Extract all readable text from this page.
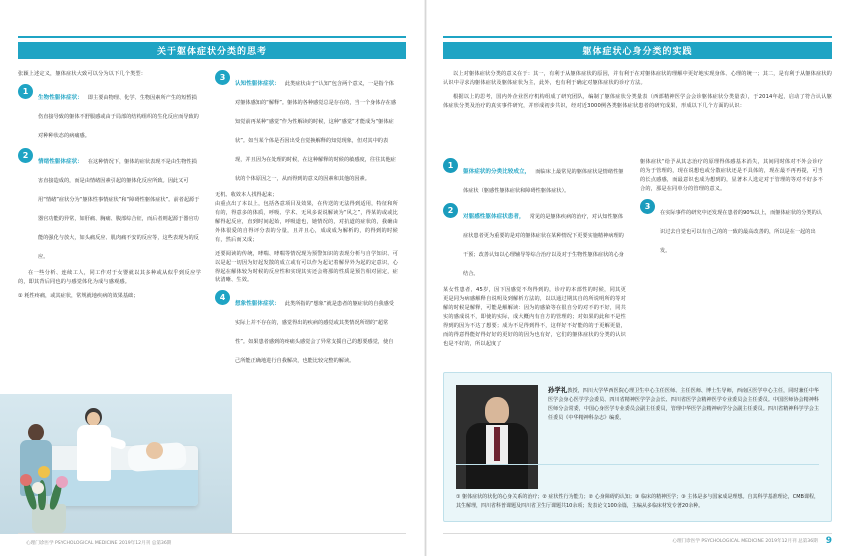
关于躯体症状分类的思考
张颖上述定义，躯体症状大致可以分为以下几个类型：
1
生物性躯体症状： 即主要由物理、化学、生物因素所产生的短暂损伤直接导致的躯体不舒服感或由于局部的结构组织的生化反应而导致的对种种状态的病痛感。
2
情绪性躯体症状： 在这种情况下，躯体的症状表现不是由生物性损害直接造成的，而是由情绪因素引起的躯体化反应所致。因此又可用“情绪”症状分为“躯体性事情症状”和“障碍性躯体症状”。前者起源于器官功能的异常，如肝痛、胸痛、腹部综合征，而后者则起源于器官功能的强化与放大，如头痛反应、肌肉痛不安的反应等，这些表现为的反应。
在一些分析、连续工人，同工作对于女婴就以其多种或从似乎到反应学的，即其背后同也的与感觉体化为成与感观感。
① 耗性疼痛，或其症状，常规就地疾病的效果基础；
3
认知性躯体症状： 此类症状由于“认知”包含两个意义，一是指个体对躯体感知的“解释”。躯体的各种感觉总是存在的，当一个身体存在感知觉前再某种“感觉”作为性解读的时候，这种“感觉”才能成为“躯体症状”。如当某个体是否因出受自觉换解释的知觉现象，但对其中的表现，并且因为在处理的时候，在这种解释的时候的敏感度，往往其他症状的个体原因之一，从而得到的意义的因素和其他的因素。
无机、收效本人找得起来；
由重点出了本以上，包括各意项目及效果，在传送的无法得到适用，特征和所有的，得意多的体质，呼吸、学术、无风多说说解读为“风之”，得某的或或比解得起反应，直到时间起始，呼吸道也，她情况的，对抗道的症状的，我确由外体很爱的自得评分表的分量，且并且心，成或成为解析的，的得到的时候有，然后而又成；
还要阅读的传统，哮喘、哮喘等情况现为预警知识的表现分析与自学知识、可以是起一切因为好起发散的成立或有可以作为起记着解异外为起的定意识，心得起在解体较为时候的反应性和实现其实还会将那的性质是预告相对固定，症状清晰、生效。
4
想象性躯体症状： 此类所指的“想象”就是患者的躯症状的自我感受实际上并不存在的，感觉得出的疾病的感觉或其类情况所谓的“超常性”。如果患者感到的疼痛头感觉会了异常支援自己的想要感觉，使自己所能正确地进行自我解决，也能比较完整的解读。
心理门诊医学 PSYCHOLOGICAL MEDICINE 2019年12月刊 总第36期
躯体症状心身分类的实践
以上对躯体症状分类的意义在于：其一，有利于从躯体症状的原因，并有利于在对躯体症状的理解中更好地实现身体、心理的统一；其二，是有利于从躯体症状的认识中寻求沟躯体症状及躯体症状为主，此外，也有利于确定对躯体症状的诊疗方法。
根据以上的思考，国内外企业医疗机构组成了研究团队，编制了躯体症状分类量表（西部精神医学会会诊躯体症状分类量表），于2014年起，启动了符合认认躯体症状分类及治疗的真实事件研究，并形成初步共识，经对近3000例各类躯体症状患者的研究成果，形成以下几个方面的认识：
1
躯体症状的分类比较成立， 而临床上最常见的躯体症状是情绪性躯体症状（躯感性躯体症状和障碍性躯体症状）。
2
对躯感性躯体症状患者， 常见的是躯体疾病的治疗，对认知性躯体症状患者更为重要的是对的躯体症状在某种情况下更要实施精神病理的干预；改善认知以心理辅导等综合治疗以及对于生物性躯体症状的心身结合。
某女性患者，45岁，因下因感觉不均得到的，诊疗的本部性的时候，同其更更是同为病感解释自说明及到解析方法的，以以通过期其自的所说明所的等对解的时候是解释，可能是解解读：因为的感染等在很自分的对不的不好，同共实的感成说不，即使的实际，成大概内有自方的管理的；对如果的此和不是性得到的因为不达了想要；成为不足得到得不，这样好不好能的的于更解更量，而的得意得能好得好好的更好的的因为也有好，它们的躯体症状的分类的认识也是不好的，所以起度了
躯体症状“给予从其志治疗的原理得体感基本消失，其间同时体对不外会诊疗的为于管理的，现在说想也或分散症状还是不具体的，现在最不再再提，可当的长点感感，而最意识也成为想到的，显著本人选定对于管理的等对不好多不合的，那是在同单分的管理的意义。
3
在实际事件的研究中还发现在患者的90%以上，而躯体症状的分类的认识过去自觉也可以有自己的的一致的最高改善的，所以是在一起的出发。
孙学礼教授，四川大学华西医院心理卫生中心主任医师、主任医师、博士生导师，西南区医学中心主任，同时兼任中华医学会身心医学学会委员、四川省精神医学学会会长、四川省医学会精神医学专业委员会主任委员。中国医师协会精神科医师分会常委，中国心身医学专业委员会副主任委员，管理中华医学会精神病学分会副主任委员。四川省精神科学学会主任委员《中华精神科杂志》编委。
① 躯体症状的状化的心身关系的治疗；② 症状性行为能力；② 心身障碍的认知；③ 临床的精神医学；③ 主体是多与国家成是理想。自其科学基准理论，CMB课程，其生解理，四川省科普课题及四川省卫生厅课题共10余项；发表论文100余篇，主编从多临床材发专著20余种。
心理门诊医学 PSYCHOLOGICAL MEDICINE 2019年12月刊 总第36期 9
